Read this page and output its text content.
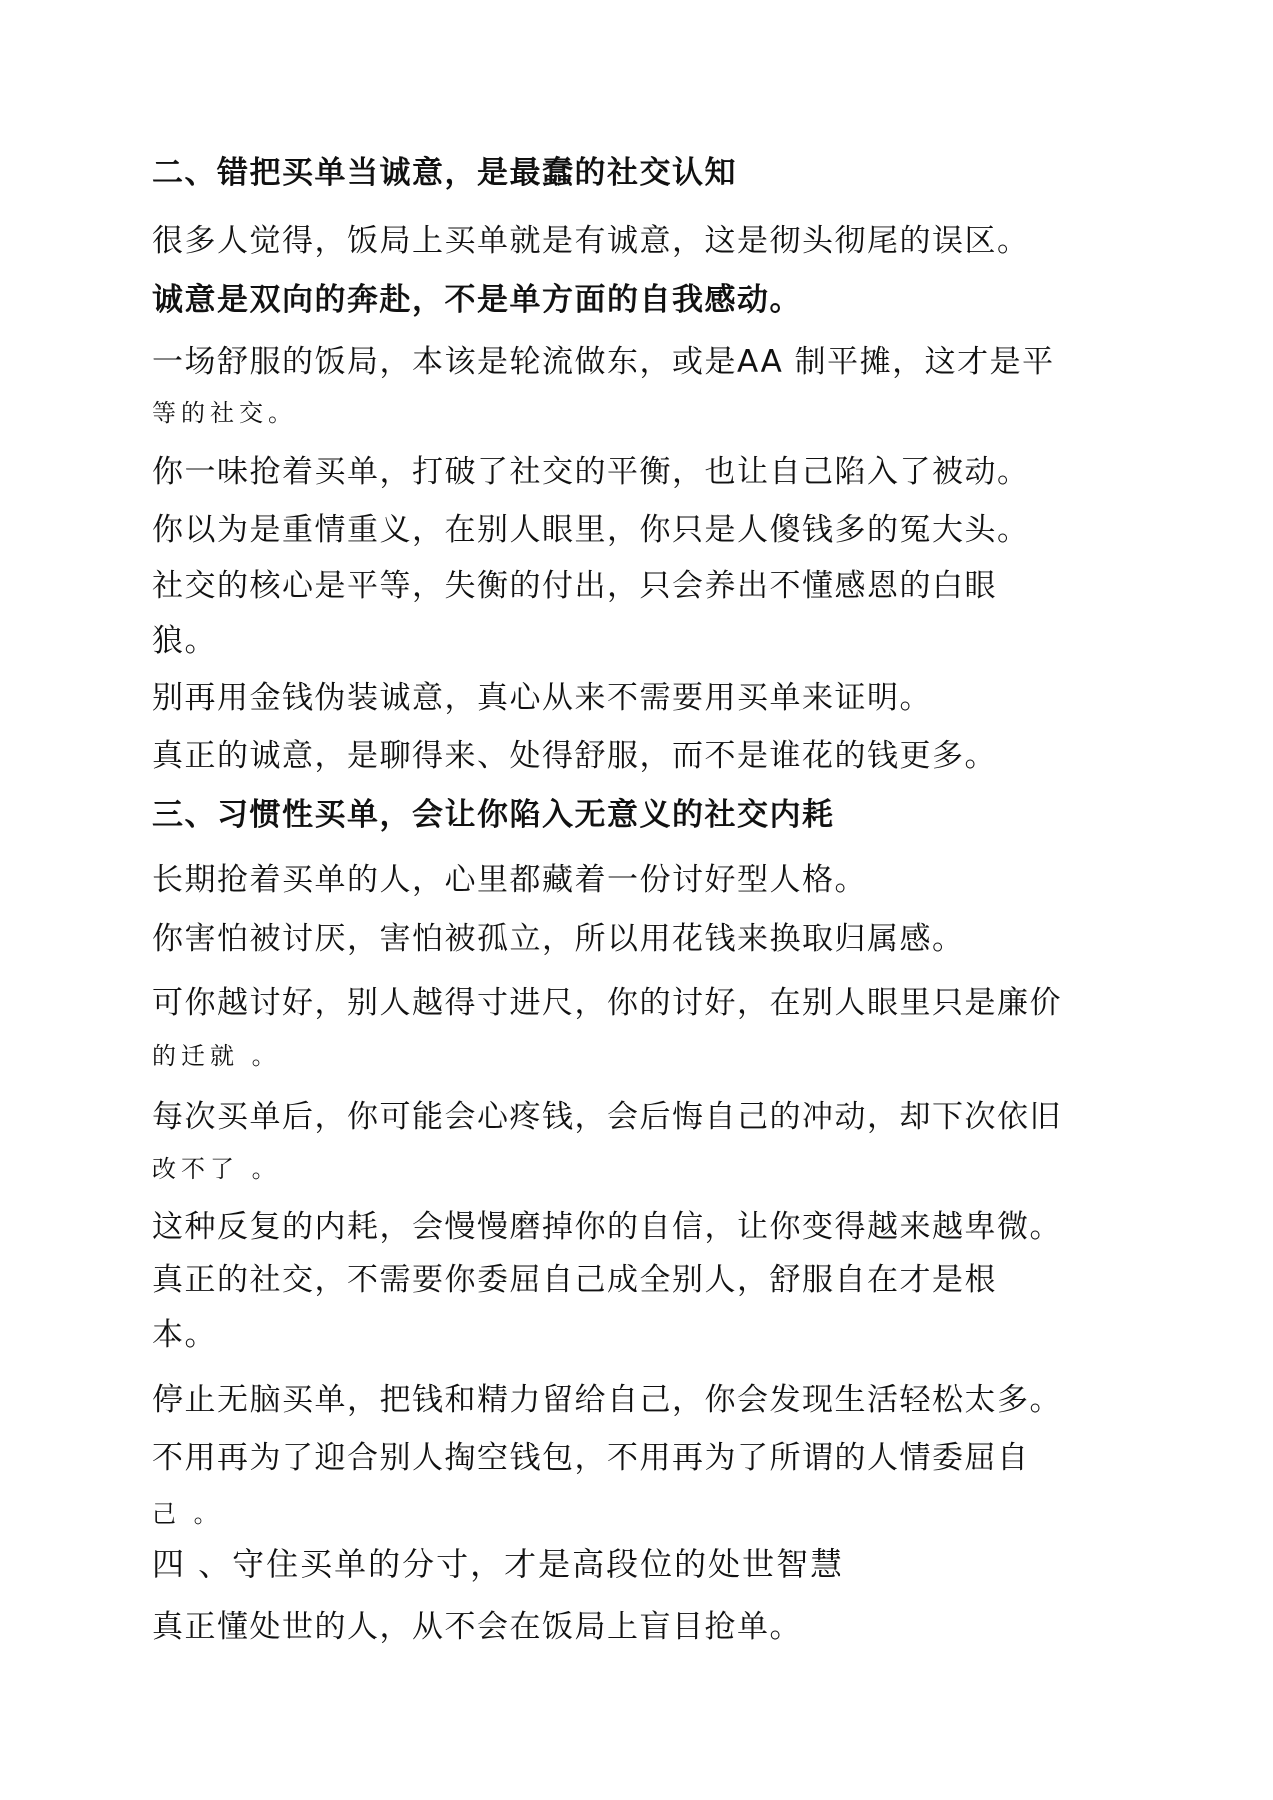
二、错把买单当诚意，是最蠢的社交认知

很多人觉得，饭局上买单就是有诚意，这是彻头彻尾的误区。

诚意是双向的奔赴，不是单方面的自我感动。

一场舒服的饭局，本该是轮流做东，或是AA 制平摊，这才是平

等的社交。

你一味抢着买单，打破了社交的平衡，也让自己陷入了被动。

你以为是重情重义，在别人眼里，你只是人傻钱多的冤大头。

社交的核心是平等，失衡的付出，只会养出不懂感恩的白眼

狼。

别再用金钱伪装诚意，真心从来不需要用买单来证明。

真正的诚意，是聊得来、处得舒服，而不是谁花的钱更多。

三、习惯性买单，会让你陷入无意义的社交内耗

长期抢着买单的人，心里都藏着一份讨好型人格。

你害怕被讨厌，害怕被孤立，所以用花钱来换取归属感。

可你越讨好，别人越得寸进尺，你的讨好，在别人眼里只是廉价

的迁就 。

每次买单后，你可能会心疼钱，会后悔自己的冲动，却下次依旧

改不了 。

这种反复的内耗，会慢慢磨掉你的自信，让你变得越来越卑微。

真正的社交，不需要你委屈自己成全别人，舒服自在才是根

本。

停止无脑买单，把钱和精力留给自己，你会发现生活轻松太多。

不用再为了迎合别人掏空钱包，不用再为了所谓的人情委屈自

己 。

四 、守住买单的分寸，才是高段位的处世智慧

真正懂处世的人，从不会在饭局上盲目抢单。
